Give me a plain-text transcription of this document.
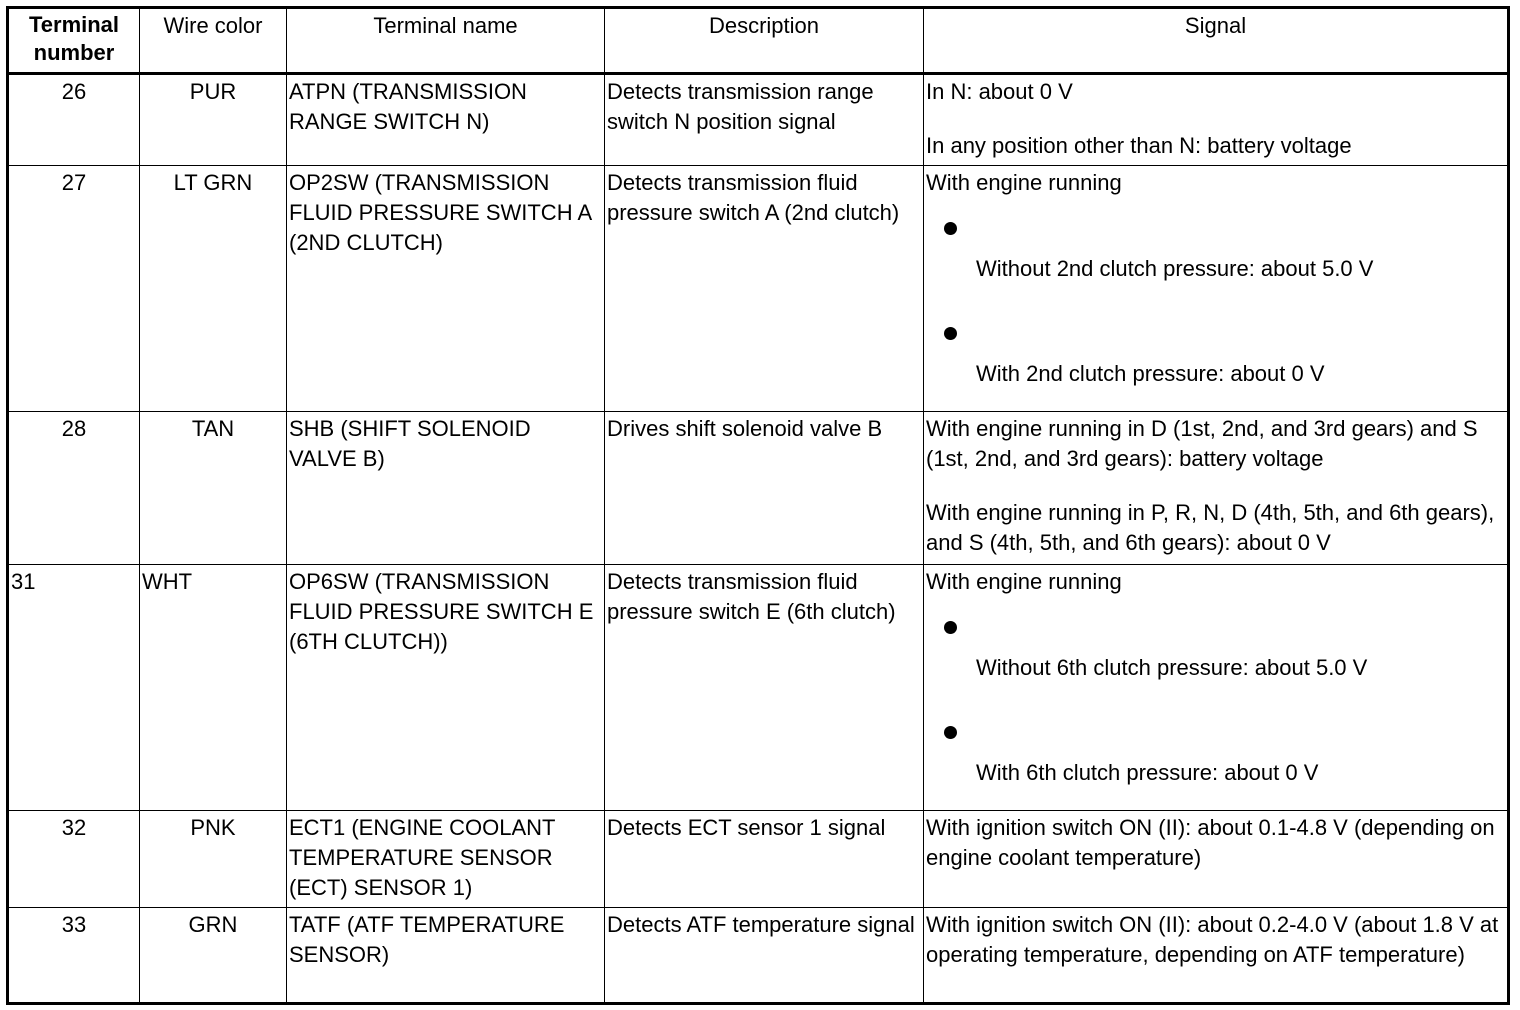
Terminal number	Wire color	Terminal name	Description	Signal
26	PUR	ATPN (TRANSMISSION RANGE SWITCH N)	Detects transmission range switch N position signal	In N: about 0 V

In any position other than N: battery voltage

27	LT GRN	OP2SW (TRANSMISSION FLUID PRESSURE SWITCH A (2ND CLUTCH)	Detects transmission fluid pressure switch A (2nd clutch)	With engine running

Without 2nd clutch pressure: about 5.0 V
With 2nd clutch pressure: about 0 V

28	TAN	SHB (SHIFT SOLENOID VALVE B)	Drives shift solenoid valve B	With engine running in D (1st, 2nd, and 3rd gears) and S (1st, 2nd, and 3rd gears): battery voltage

With engine running in P, R, N, D (4th, 5th, and 6th gears), and S (4th, 5th, and 6th gears): about 0 V

31	WHT	OP6SW (TRANSMISSION FLUID PRESSURE SWITCH E (6TH CLUTCH))	Detects transmission fluid pressure switch E (6th clutch)	With engine running

Without 6th clutch pressure: about 5.0 V
With 6th clutch pressure: about 0 V

32	PNK	ECT1 (ENGINE COOLANT TEMPERATURE SENSOR (ECT) SENSOR 1)	Detects ECT sensor 1 signal	With ignition switch ON (II): about 0.1-4.8 V (depending on engine coolant temperature)

33	GRN	TATF (ATF TEMPERATURE SENSOR)	Detects ATF temperature signal	With ignition switch ON (II): about 0.2-4.0 V (about 1.8 V at operating temperature, depending on ATF temperature)
